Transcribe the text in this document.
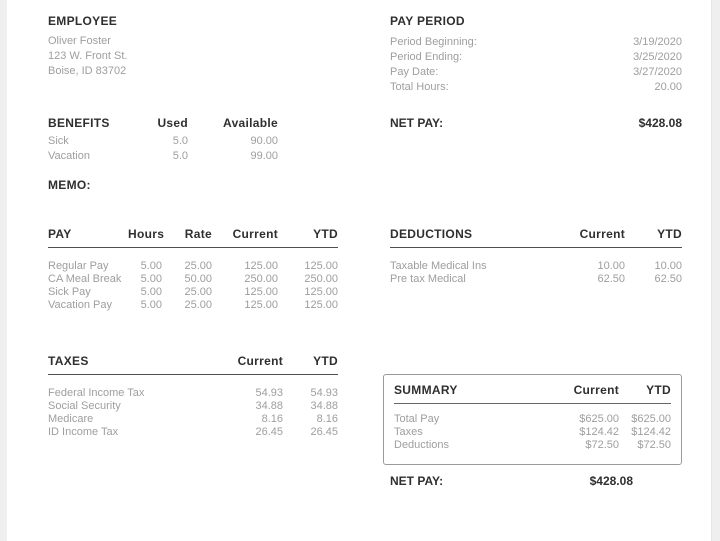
EMPLOYEE
Oliver Foster
123 W. Front St.
Boise, ID 83702
PAY PERIOD
Period Beginning:	3/19/2020
Period Ending:	3/25/2020
Pay Date:	3/27/2020
Total Hours:	20.00
NET PAY:	$428.08
BENEFITS	Used	Available
Sick	5.0	90.00
Vacation	5.0	99.00
MEMO:
PAY	Hours	Rate	Current	YTD
Regular Pay	5.00	25.00	125.00	125.00
CA Meal Break	5.00	50.00	250.00	250.00
Sick Pay	5.00	25.00	125.00	125.00
Vacation Pay	5.00	25.00	125.00	125.00
DEDUCTIONS	Current	YTD
Taxable Medical Ins	10.00	10.00
Pre tax Medical	62.50	62.50
TAXES	Current	YTD
Federal Income Tax	54.93	54.93
Social Security	34.88	34.88
Medicare	8.16	8.16
ID Income Tax	26.45	26.45
SUMMARY	Current	YTD
Total Pay	$625.00	$625.00
Taxes	$124.42	$124.42
Deductions	$72.50	$72.50
NET PAY:	$428.08
